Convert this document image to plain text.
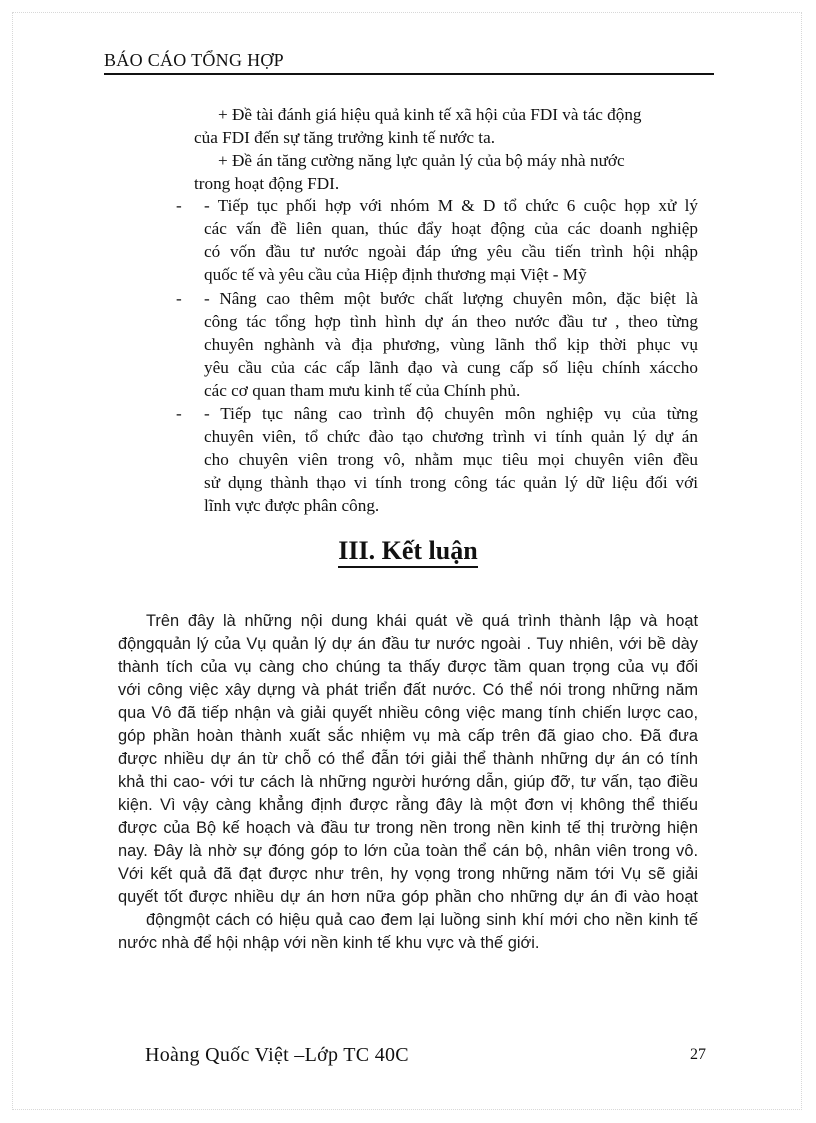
BÁO CÁO TỔNG HỢP
+ Đề tài đánh giá hiệu quả kinh tế xã hội của FDI và tác động
của FDI đến sự tăng trưởng kinh tế nước ta.
+ Đề án tăng cường năng lực quản lý của bộ máy nhà nước
trong hoạt động FDI.
- - Tiếp tục phối hợp với nhóm M & D tổ chức 6 cuộc họp xử lý
các vấn đề liên quan, thúc đẩy hoạt động của các doanh nghiệp
có vốn đầu tư nước ngoài đáp ứng yêu cầu tiến trình hội nhập
quốc tế và yêu cầu của Hiệp định thương mại Việt - Mỹ
- - Nâng cao thêm một bước chất lượng chuyên môn, đặc biệt là
công tác tổng hợp tình hình dự án theo nước đầu tư , theo từng
chuyên nghành và địa phương, vùng lãnh thổ kịp thời phục vụ
yêu cầu của các cấp lãnh đạo và cung cấp số liệu chính xáccho
các cơ quan tham mưu kinh tế của Chính phủ.
- - Tiếp tục nâng cao trình độ chuyên môn nghiệp vụ của từng
chuyên viên, tổ chức đào tạo chương trình vi tính quản lý dự án
cho chuyên viên trong vô, nhằm mục tiêu mọi chuyên viên đều
sử dụng thành thạo vi tính trong công tác quản lý dữ liệu đối với
lĩnh vực được phân công.
III. Kết luận
Trên đây là những nội dung khái quát về quá trình thành lập và hoạt
độngquản lý của Vụ quản lý dự án đầu tư nước ngoài . Tuy nhiên, với bề dày
thành tích của vụ càng cho chúng ta thấy được tầm quan trọng của vụ đối
với công việc xây dựng và phát triển đất nước. Có thể nói trong những năm
qua Vô đã tiếp nhận và giải quyết nhiều công việc mang tính chiến lược cao,
góp phần hoàn thành xuất sắc nhiệm vụ mà cấp trên đã giao cho. Đã đưa
được nhiều dự án từ chỗ có thể đẫn tới giải thể thành những dự án có tính
khả thi cao- với tư cách là những người hướng dẫn, giúp đỡ, tư vấn, tạo điều
kiện. Vì vậy càng khẳng định được rằng đây là một đơn vị không thể thiếu
được của Bộ kế hoạch và đầu tư trong nền trong nền kinh tế thị trường hiện
nay. Đây là nhờ sự đóng góp to lớn của toàn thể cán bộ, nhân viên trong vô.
Với kết quả đã đạt được như trên, hy vọng trong những năm tới Vụ sẽ giải
quyết tốt được nhiều dự án hơn nữa góp phần cho những dự án đi vào hoạt
độngmột cách có hiệu quả cao đem lại luồng sinh khí mới cho nền kinh tế
nước nhà để hội nhập với nền kinh tế khu vực và thế giới.
Hoàng Quốc Việt –Lớp TC 40C	27
